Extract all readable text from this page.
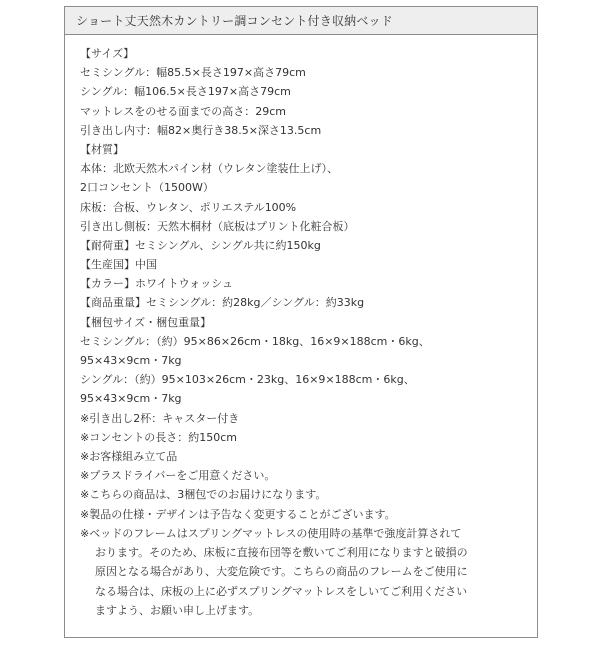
ショート丈天然木カントリー調コンセント付き収納ベッド
【サイズ】
セミシングル：幅85.5×長さ197×高さ79cm
シングル：幅106.5×長さ197×高さ79cm
マットレスをのせる面までの高さ：29cm
引き出し内寸：幅82×奥行き38.5×深さ13.5cm
【材質】
本体：北欧天然木パイン材（ウレタン塗装仕上げ）、
2口コンセント（1500W）
床板：合板、ウレタン、ポリエステル100%
引き出し側板：天然木桐材（底板はプリント化粧合板）
【耐荷重】セミシングル、シングル共に約150kg
【生産国】中国
【カラー】ホワイトウォッシュ
【商品重量】セミシングル：約28kg／シングル：約33kg
【梱包サイズ・梱包重量】
セミシングル：（約）95×86×26cm・18kg、16×9×188cm・6kg、
95×43×9cm・7kg
シングル：（約）95×103×26cm・23kg、16×9×188cm・6kg、
95×43×9cm・7kg
※引き出し2杯：キャスター付き
※コンセントの長さ：約150cm
※お客様組み立て品
※プラスドライバーをご用意ください。
※こちらの商品は、3梱包でのお届けになります。
※製品の仕様・デザインは予告なく変更することがございます。
※ベッドのフレームはスプリングマットレスの使用時の基準で強度計算されて
おります。そのため、床板に直接布団等を敷いてご利用になりますと破損の
原因となる場合があり、大変危険です。こちらの商品のフレームをご使用に
なる場合は、床板の上に必ずスプリングマットレスをしいてご利用ください
ますよう、お願い申し上げます。
